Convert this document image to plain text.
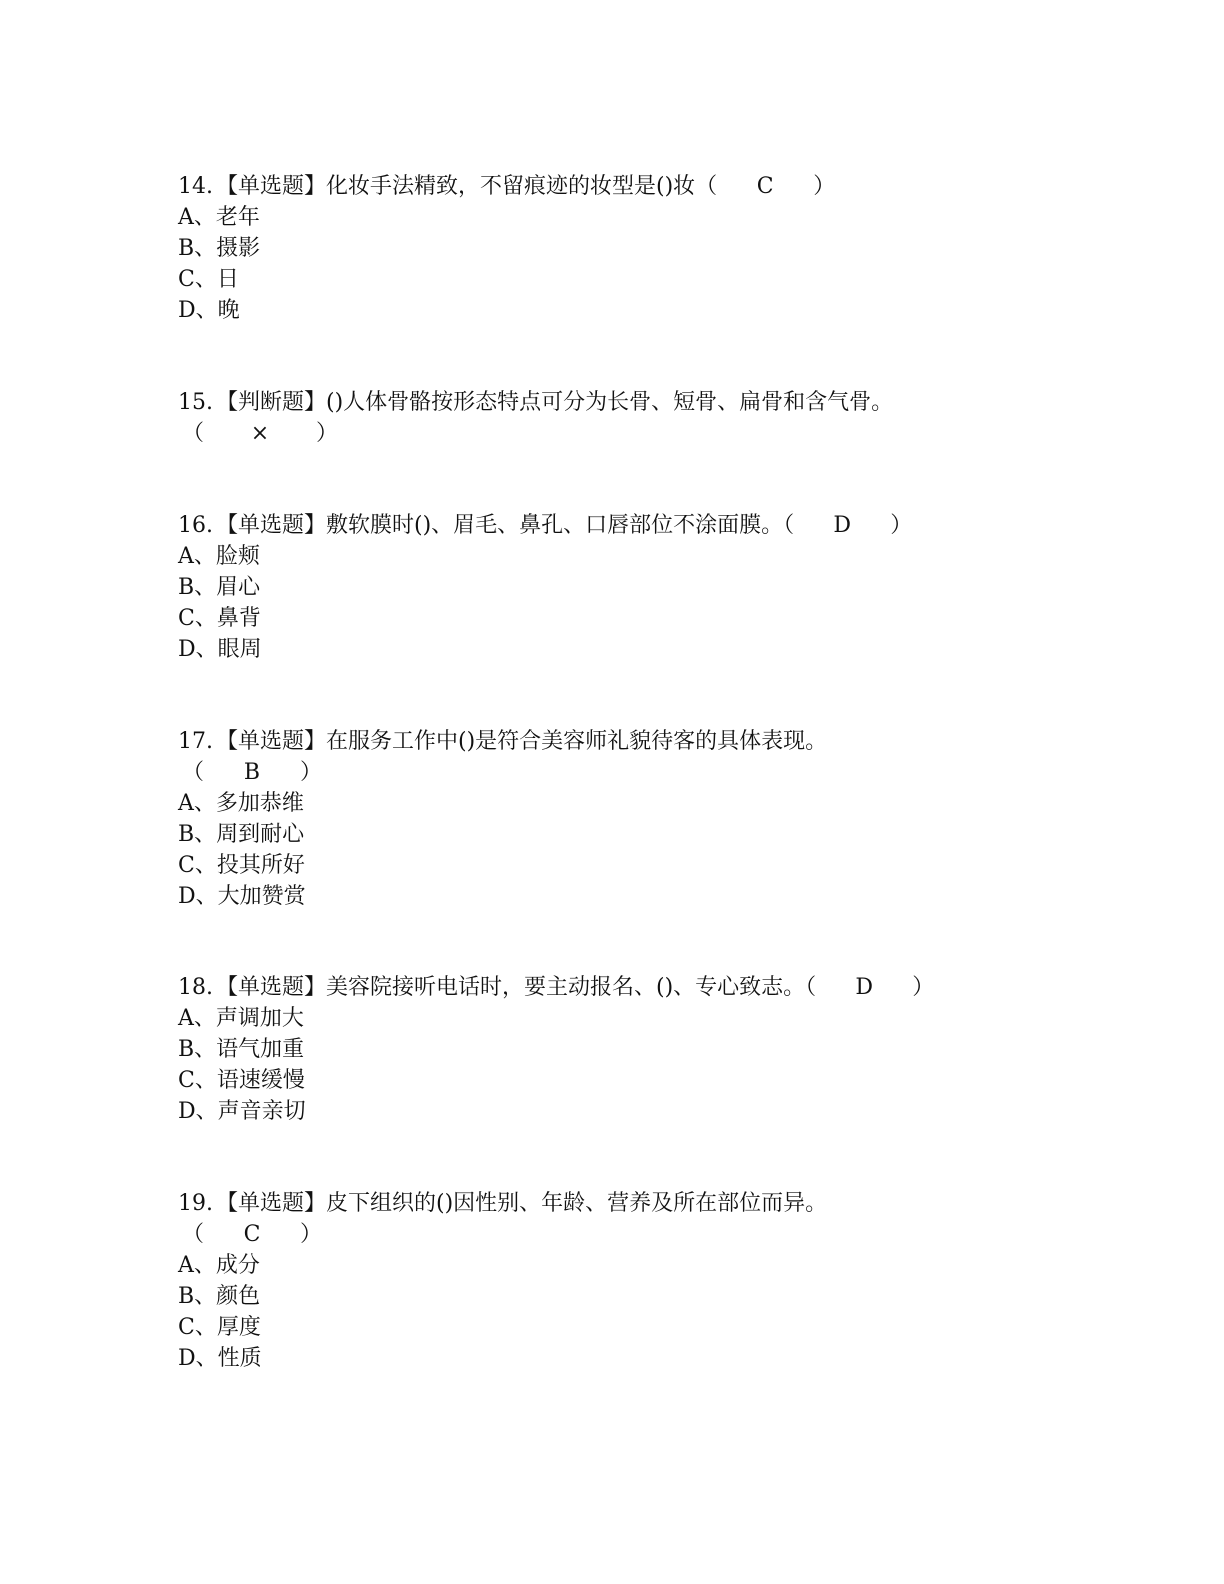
14. 【单选题】化妆手法精致，不留痕迹的妆型是()妆（ C ）
A、老年
B、摄影
C、日
D、晚
15. 【判断题】()人体骨骼按形态特点可分为长骨、短骨、扁骨和含气骨。
（ × ）
16. 【单选题】敷软膜时()、眉毛、鼻孔、口唇部位不涂面膜。（ D ）
A、脸颊
B、眉心
C、鼻背
D、眼周
17. 【单选题】在服务工作中()是符合美容师礼貌待客的具体表现。
（ B ）
A、多加恭维
B、周到耐心
C、投其所好
D、大加赞赏
18. 【单选题】美容院接听电话时，要主动报名、()、专心致志。（ D ）
A、声调加大
B、语气加重
C、语速缓慢
D、声音亲切
19. 【单选题】皮下组织的()因性别、年龄、营养及所在部位而异。
（ C ）
A、成分
B、颜色
C、厚度
D、性质
